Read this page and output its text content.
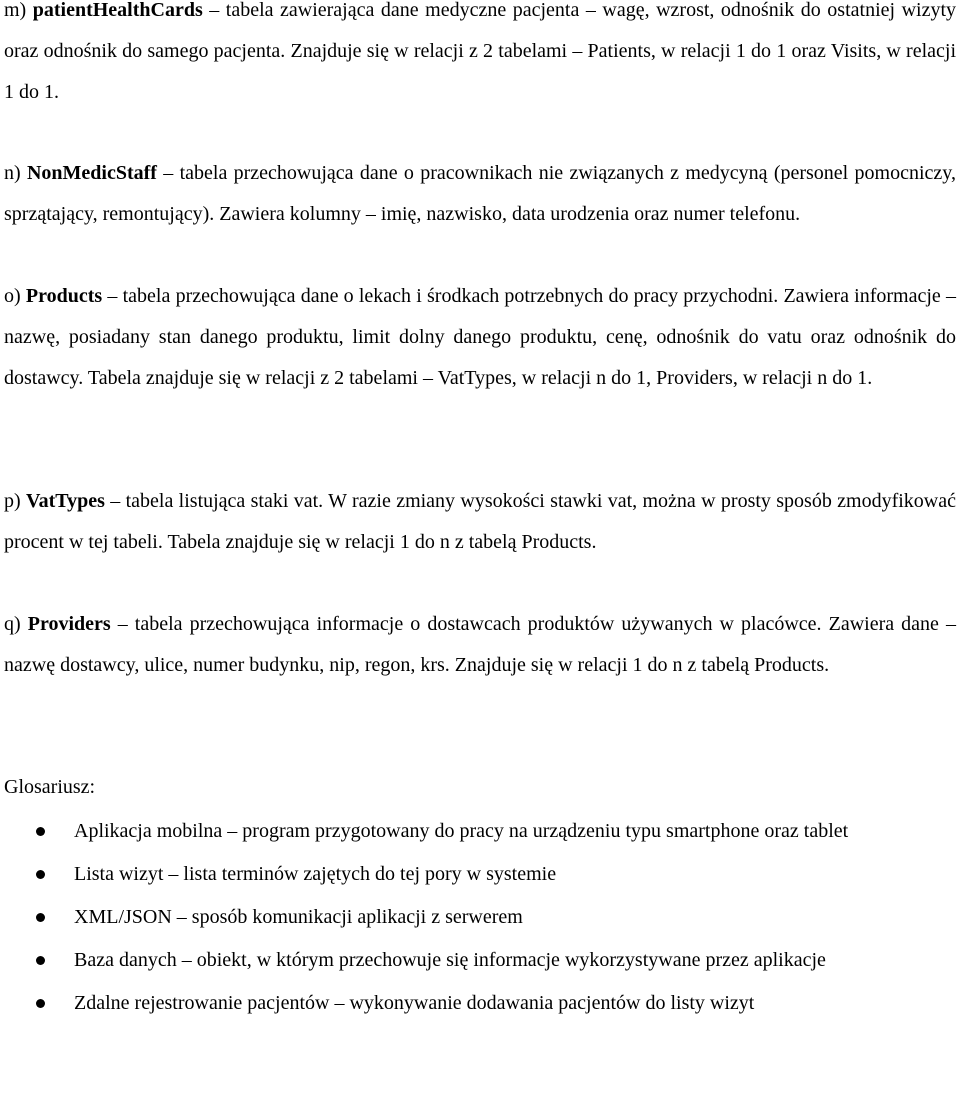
m) patientHealthCards – tabela zawierająca dane medyczne pacjenta – wagę, wzrost, odnośnik do ostatniej wizyty oraz odnośnik do samego pacjenta. Znajduje się w relacji z 2 tabelami – Patients, w relacji 1 do 1 oraz Visits, w relacji 1 do 1.

n) NonMedicStaff – tabela przechowująca dane o pracownikach nie związanych z medycyną (personel pomocniczy, sprzątający, remontujący). Zawiera kolumny – imię, nazwisko, data urodzenia oraz numer telefonu.

o) Products – tabela przechowująca dane o lekach i środkach potrzebnych do pracy przychodni. Zawiera informacje – nazwę, posiadany stan danego produktu, limit dolny danego produktu, cenę, odnośnik do vatu oraz odnośnik do dostawcy. Tabela znajduje się w relacji z 2 tabelami – VatTypes, w relacji n do 1, Providers, w relacji n do 1.

p) VatTypes – tabela listująca staki vat. W razie zmiany wysokości stawki vat, można w prosty sposób zmodyfikować procent w tej tabeli. Tabela znajduje się w relacji 1 do n z tabelą Products.

q) Providers – tabela przechowująca informacje o dostawcach produktów używanych w placówce. Zawiera dane – nazwę dostawcy, ulice, numer budynku, nip, regon, krs. Znajduje się w relacji 1 do n z tabelą Products.

Glosariusz:

Aplikacja mobilna – program przygotowany do pracy na urządzeniu typu smartphone oraz tablet
Lista wizyt – lista terminów zajętych do tej pory w systemie
XML/JSON – sposób komunikacji aplikacji z serwerem
Baza danych – obiekt, w którym przechowuje się informacje wykorzystywane przez aplikacje
Zdalne rejestrowanie pacjentów – wykonywanie dodawania pacjentów do listy wizyt
